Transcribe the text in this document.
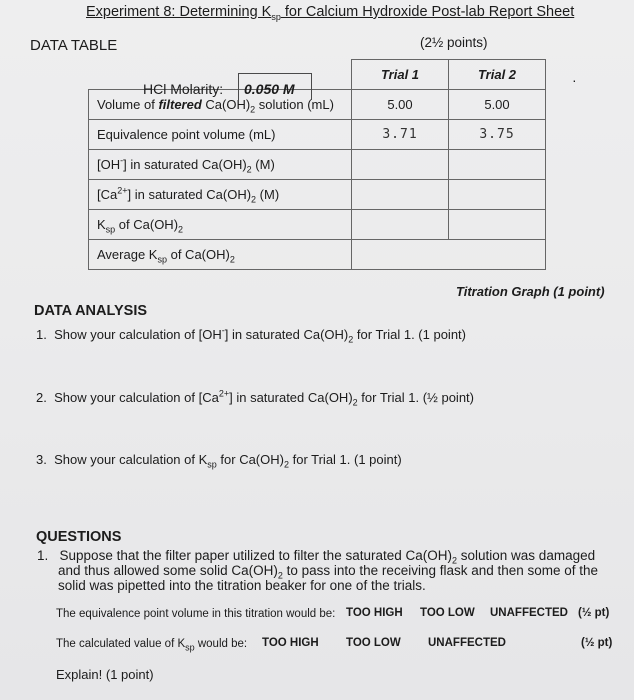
Experiment 8: Determining $K_{sp}$ for Calcium Hydroxide Post-lab Report Sheet
DATA TABLE	(2½ points)
·
	Trial 1	Trial 2
Volume of filtered $Ca(OH)_2$ solution (mL)	5.00	5.00
Equivalence point volume (mL)	3.71	3.75
[OH-] in saturated $Ca(OH)_2$ (M)		
$[Ca^{2+}]$ in saturated $Ca(OH)_2$ (M)		
$K_{sp}$ of $Ca(OH)_2$		
Average $K_{sp}$ of $Ca(OH)_2$	
HCl Molarity: 0.050 M
Titration Graph (1 point)
DATA ANALYSIS
1. Show your calculation of [OH-] in saturated $Ca(OH)_2$ for Trial 1. (1 point)
2. Show your calculation of $[Ca^{2+}]$ in saturated $Ca(OH)_2$ for Trial 1. (½ point)
3. Show your calculation of $K_{sp}$ for $Ca(OH)_2$ for Trial 1. (1 point)
QUESTIONS
1. Suppose that the filter paper utilized to filter the saturated $Ca(OH)_2$ solution was damaged
and thus allowed some solid $Ca(OH)_2$ to pass into the receiving flask and then some of the
solid was pipetted into the titration beaker for one of the trials.
The equivalence point volume in this titration would be: TOO HIGH TOO LOW UNAFFECTED (½ pt)
The calculated value of $K_{sp}$ would be: TOO HIGH TOO LOW UNAFFECTED	(½ pt)
Explain! (1 point)
